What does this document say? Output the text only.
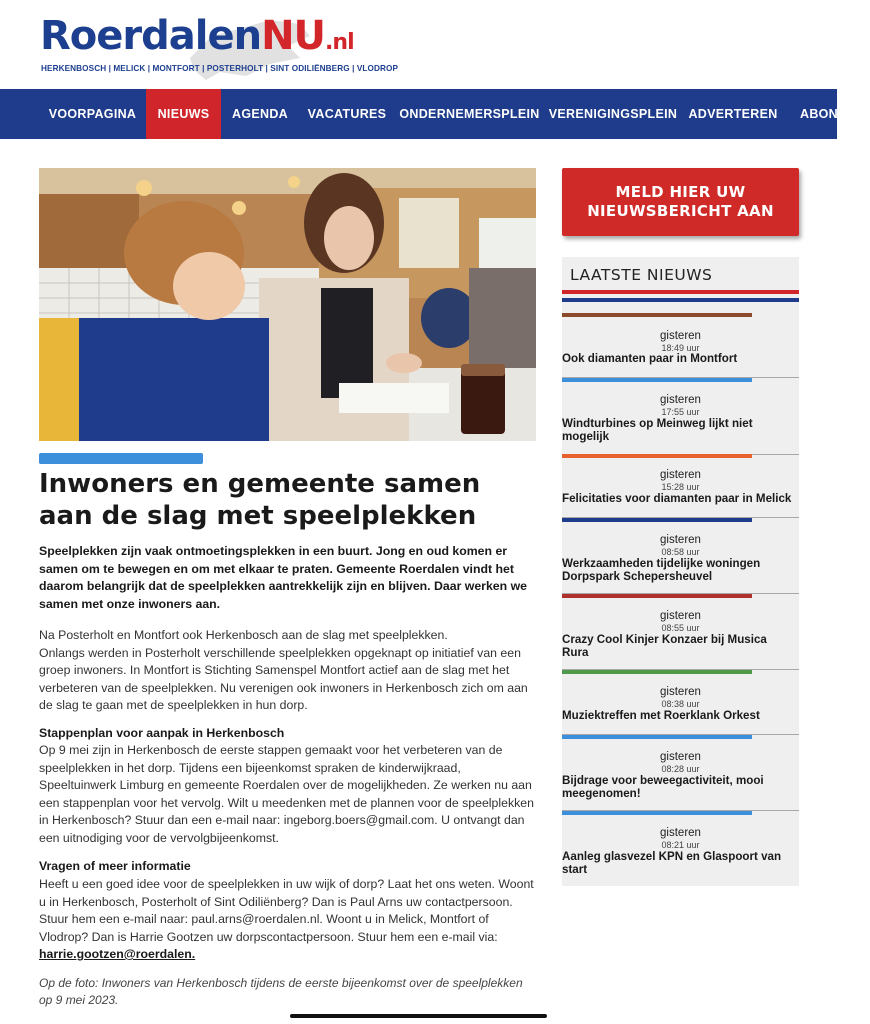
RoerdalenNU.nl
HERKENBOSCH | MELICK | MONTFORT | POSTERHOLT | SINT ODILIËNBERG | VLODROP
VOORPAGINA	NIEUWS	AGENDA	VACATURES	ONDERNEMERSPLEIN VERENIGINGSPLEIN ADVERTEREN	ABONN
Inwoners en gemeente samen aan de slag met speelplekken

Speelplekken zijn vaak ontmoetingsplekken in een buurt. Jong en oud komen er samen om te bewegen en om met elkaar te praten. Gemeente Roerdalen vindt het daarom belangrijk dat de speelplekken aantrekkelijk zijn en blijven. Daar werken we samen met onze inwoners aan.

Na Posterholt en Montfort ook Herkenbosch aan de slag met speelplekken.
Onlangs werden in Posterholt verschillende speelplekken opgeknapt op initiatief van een groep inwoners. In Montfort is Stichting Samenspel Montfort actief aan de slag met het verbeteren van de speelplekken. Nu verenigen ook inwoners in Herkenbosch zich om aan de slag te gaan met de speelplekken in hun dorp.

Stappenplan voor aanpak in Herkenbosch

Op 9 mei zijn in Herkenbosch de eerste stappen gemaakt voor het verbeteren van de speelplekken in het dorp. Tijdens een bijeenkomst spraken de kinderwijkraad, Speeltuinwerk Limburg en gemeente Roerdalen over de mogelijkheden. Ze werken nu aan een stappenplan voor het vervolg. Wilt u meedenken met de plannen voor de speelplekken in Herkenbosch? Stuur dan een e-mail naar: ingeborg.boers@gmail.com. U ontvangt dan een uitnodiging voor de vervolgbijeenkomst.

Vragen of meer informatie

Heeft u een goed idee voor de speelplekken in uw wijk of dorp? Laat het ons weten. Woont u in Herkenbosch, Posterholt of Sint Odiliënberg? Dan is Paul Arns uw contactpersoon. Stuur hem een e-mail naar: paul.arns@roerdalen.nl. Woont u in Melick, Montfort of Vlodrop? Dan is Harrie Gootzen uw dorpscontactpersoon. Stuur hem een e-mail via:
harrie.gootzen@roerdalen.

Op de foto: Inwoners van Herkenbosch tijdens de eerste bijeenkomst over de speelplekken op 9 mei 2023.

MELD HIER UW NIEUWSBERICHT AAN
LAATSTE NIEUWS
gisteren
18:49 uur
Ook diamanten paar in Montfort
gisteren
17:55 uur
Windturbines op Meinweg lijkt niet mogelijk
gisteren
15:28 uur
Felicitaties voor diamanten paar in Melick
gisteren
08:58 uur
Werkzaamheden tijdelijke woningen Dorpspark Schepersheuvel
gisteren
08:55 uur
Crazy Cool Kinjer Konzaer bij Musica Rura
gisteren
08:38 uur
Muziektreffen met Roerklank Orkest
gisteren
08:28 uur
Bijdrage voor beweegactiviteit, mooi meegenomen!
gisteren
08:21 uur
Aanleg glasvezel KPN en Glaspoort van start
